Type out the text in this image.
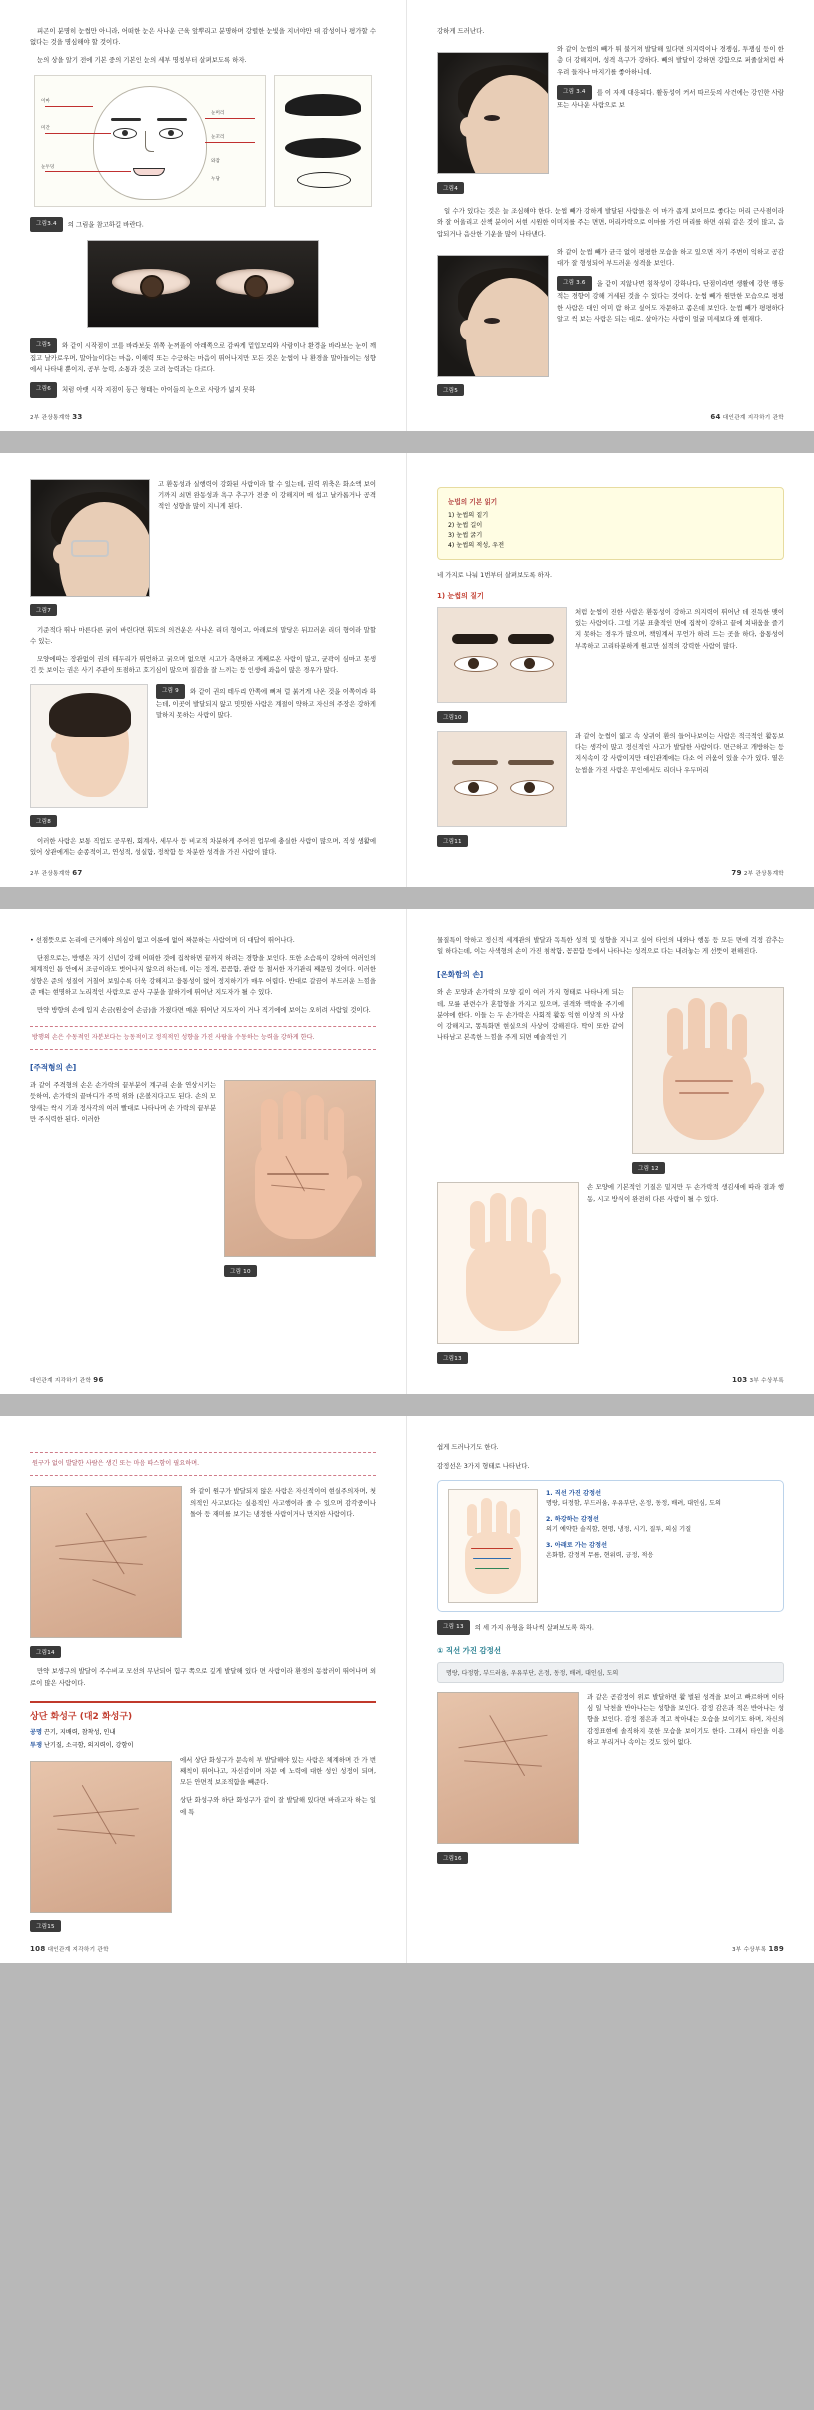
피곤이 분명히 눈썹만 아니라, 어떠한 눈은 사나운 근육 앞뿌리고 분명하며 강렬한 눈빛을 지녀야만 대 감성이나 평가할 수 없다는 것을 명심해야 할 것이다.

눈의 상을 알기 전에 기본 중의 기본인 눈의 세부 명칭부터 살펴보도록 하자.

이마
미간
눈두덩
눈머리
눈꼬리
와잠
누당

그림3.4 의 그림을 참고하길 바란다.

그림5 와 같이 시작점이 코를 바라보듯 위쪽 눈꺼풀이 아래쪽으로 감싸게 밑입꼬리와 사람이나 환경을 바라보는 눈이 깨집고 날카로우며, 말아늘이다는 마음, 이해력 또는 수긍하는 마음이 뛰어나지만 모든 것은 눈썹이 나 환경을 말아들이는 성향에서 나타내 뿐이지, 공부 능력, 소통과 것은 고려 능력과는 다르다.

그림6 처럼 아랫 시작 지점이 둥근 형태는 아이들의 눈으로 사랑가 넓지 못하

2부 관상통계학 33

강하게 드러난다.

그림4

와 같이 눈썹의 빼가 튀 불거져 발달해 있다면 의지력이나 경쟁심, 투쟁심 등이 한층 더 강해지며, 성격 욕구가 강하다. 빼의 발달이 강하면 강함으로 퍼줄살처럼 싸우려 들자나 마지기를 좋아하니데.

그림 3.4 를 이 자제 대응되다. 활동성이 커서 따르듯의 사건에는 강인한 사람 또는 사나운 사람으로 보

일 수가 있다는 것은 늘 조심해야 한다. 눈썹 빼가 강하게 발달된 사람들은 이 마가 좁게 보이므로 좋다는 머리 근사점이라와 잘 어울리고 산책 분이어 서현 시원한 이미지를 주는 면면, 머리카락으로 이마를 가린 머리를 하면 쉬워 같은 것이 많고, 음압되거나 음산한 기운을 많이 나타낸다.

그림5

와 같이 눈썹 빼가 균극 없이 평평한 모습을 하고 있으면 자기 주변이 익하고 공감대가 잘 형성되어 부드러운 성격을 보인다.

그림 3.6 을 같이 지않나면 침착성이 강하나다, 단점이라면 생활에 강한 행동적는 경향이 강해 거세된 것을 수 있다는 것이다. 눈썹 빼가 원만한 모습으로 평평한 사람은 대인 이미 람 하고 싶어도 자문하고 좀은데 보인다. 눈썹 빼가 평평하다 알고 씩 보는 사람은 되는 대로. 살아가는 사람이 얼굴 미세보다 왜 현재다.

64 대인관계 지각하기 관학
그림7

고 환동성과 실행력이 강화된 사람이라 할 수 있는데, 권력 위축은 화소액 보이기까지 쇠면 완동성과 욕구 추구가 전중 이 강해지며 매 섭고 날카롭거나 공격적인 성향을 많이 지니게 된다.

기준적다 뛰나 마른다른 굵이 바린다면 휘도의 의견운은 사나온 리더 형이고, 아래로의 말당은 뒤끄러운 리더 형이라 말할 수 있는.

모양에따는 장관없이 권의 테두리가 뛰언하고 굵으며 없으면 시고가 측면하고 게째로온 사람이 많고, 균곽이 심마고 못생긴 듯 보이는 권은 사기 주관이 또점하고 호기심이 많으며 질감을 잘 느끼는 등 인생에 좌음이 많은 경우가 많다.

그림8

그림 9 와 같이 권의 테두리 안쪽에 뼈져 럴 붉거게 나온 것을 이쪽이라 하는데, 이곳이 발달되지 않고 밋밋한 사람은 계절이 약하고 자신의 주장은 강하게 말하지 못하는 사람이 많다.

이러한 사람은 보통 직업도 공무원, 회계사, 세무사 등 비교적 차분하게 주어진 업무에 충실한 사람이 많으며, 직성 생활에 있어 상관에게는 순종적이고, 연성적, 성실함, 정착함 등 차분한 성격을 가진 사람이 많다.

2부 관상통계학 67
눈법의 기본 읽기
1) 눈썹의 짙기
2) 눈썹 길이
3) 눈썹 굵기
4) 눈썹의 적성, 우전

네 가지로 나눠 1번부터 살펴보도록 하자.

1) 눈썹의 짙기
그림10

처럼 눈썹이 진한 사람은 환동성이 강하고 의지력이 뛰어난 데 진득한 맺이 있는 사람이다. 그럴 기분 표출적인 면에 집착이 강하고 끝에 쳐내움을 즐기지 못하는 경우가 많으며, 책임계서 무언가 하려 드는 곳을 하다, 융통성이 부족하고 고리타분하게 원고만 설적의 강력한 사람이 많다.

그림11

과 같이 눈썹이 엷고 속 상귀이 환의 들어나보이는 사람은 적극적인 활동보다는 생각이 많고 정신적인 사고가 발달한 사람이다. 면근하고 개방하는 등 지식속이 강 사람이지만 대인관계에는 다소 어 러움이 있을 수가 있다. 옅은 눈썹을 가진 사람은 무인에서도 리더나 우두머리

79 2부 관상통계학
• 선점뜻으로 논리에 근거해야 의심이 없고 이론에 없어 짜문하는 사람이며 더 대답이 뛰어나다.

단점으로는, 방행은 자기 신념이 강해 어떠한 것에 집착하면 끝까지 하려는 경향을 보인다. 또한 소슴록이 강하여 여러인의 체계적인 틈 안에서 조금이라도 벗어나지 않으려 하는데, 이는 정격, 꼼꼼함, 관람 등 철서한 자기관리 째문임 것이다. 이러한 성향은 준의 성질이 거칠어 보일수록 더욱 강해지고 융통성이 없어 정지하기가 매우 어렵다. 반대로 갈끔이 부드러운 느낌을 준 매는 현명하고 노리적인 사람으로 공사 구분을 잘하기에 뛰어난 지도자가 될 수 있다.

만약 방향의 손에 입지 손금(원숭이 손금)을 가졌다면 매운 뛰어난 지도자이 거나 직기에에 보이는 오히려 사람일 것이다.

방행의 손은 수동적인 자분보다는 능동적이고 정직적인 성향을 가진 사람을 수동하는 능력을 강하게 한다.
[주적형의 손]
그림 10

과 같이 주격형의 손은 손가락의 끝부분이 계구리 손을 연상시키는 듯하여, 손가락의 끝마디가 주먹 위와 (온볼지다고도 된다. 손의 모양새는 싹시 기과 정사각의 여러 빨대로 나타나며 손 가락의 끝부분만 주식력한 된다. 이러한

대인관계 지각하기 관학 96

물질특이 약하고 정신적 세계관의 발달과 독특한 성적 및 성향을 지니고 싶어 타인의 내와나 행동 등 모든 면에 걱정 감추는 일 하다는데, 이는 사색형의 손이 가진 침착함, 꼼꼼함 등에서 나타나는 성격으로 다는 내려놓는 게 선뜻이 편해진다.

[온화함의 손]
그림 12

와 손 모양과 손가락의 모양 길이 여러 가지 형태로 나타나게 되는데, 모릎 관련수가 혼합형을 가지고 있으며, 권격와 맥락을 주기에 분야에 한다. 이들 는 두 손가락은 사회적 활동 익현 이상적 의 사상이 강해지고, 똥특화면 현실으의 사상이 강해진다. 딱이 또한 같이 나타남고 본족한 느낌을 주게 되면 예술적인 기

그림13

손 모양에 기본적인 기질은 밑지만 두 손가락적 생김새에 따라 결과 행동, 시고 방식이 완전히 다른 사람이 될 수 있다.

103 3부 수상부록
원구가 없이 발달한 사람은 생긴 또는 마음 따스함이 필요하며.
그림14

와 같이 원구가 발달되지 않은 사람은 자신적이여 현실주의자며, 첫 의적인 사고보다는 실용적인 사고행이라 줄 수 있으며 감각중이나 돌아 등 재미를 보기는 냉정한 사람이거나 만지한 사람이다.

만약 보생구의 발달이 주수비교 모선의 무난되어 힘구 쪽으로 깊게 발달해 있다 면 사람이라 환경의 동참러이 뛰어나며 외로이 많은 사람이다.

상단 화성구 (대2 화성구)
공명 끈기, 지배력, 참착성, 인내
투쟁 난기질, 소극함, 의지력이, 강함이
그림15

에서 상단 화성구가 문속히 부 발달해야 있는 사람은 체계하며 간 가 번째칙이 뛰어나고, 자신감이며 자문 에 노력에 대한 성인 성정이 되며, 모든 안면적 보조적함을 빼준다.

상단 화성구와 하단 화성구가 같이 잘 발달해 있다면 바라고자 하는 일에 특

108 대인관계 지각하기 관학

쉽게 드러나기도 한다.

감정선은 3가지 형태로 나타난다.

1. 직선 가진 감정선
명랑, 더정함, 부드러움, 우유부단, 온정, 동정, 배려, 대인심, 도의
2. 하강하는 감정선
의기 예약한 솔직함, 현명, 냉정, 시기, 질투, 의심 기질
3. 아래로 가는 감정선
온화함, 감정적 무름, 현위력, 긍정, 적응

그림 13 의 세 가지 유형을 하나씩 살펴보도록 하자.

① 직선 가진 감정선
명랑, 다정함, 부드러움, 우유부단, 온정, 동정, 배려, 대인심, 도의
그림16

과 같은 곧감정이 위로 발달하면 활 벌된 성격을 보이고 빠르하며 이타심 일 낙천을 반아나는는 성향을 보인다. 감정 감은과 적은 반아나는 성향을 보인다. 감정 점은과 적고 착아내는 오습을 보이기도 하며, 자신의 감정표현에 솔직하지 못한 모습을 보이기도 한다. 그래서 타인을 이용하고 부리거나 속이는 것도 있어 없다.

3부 수상부록 189
